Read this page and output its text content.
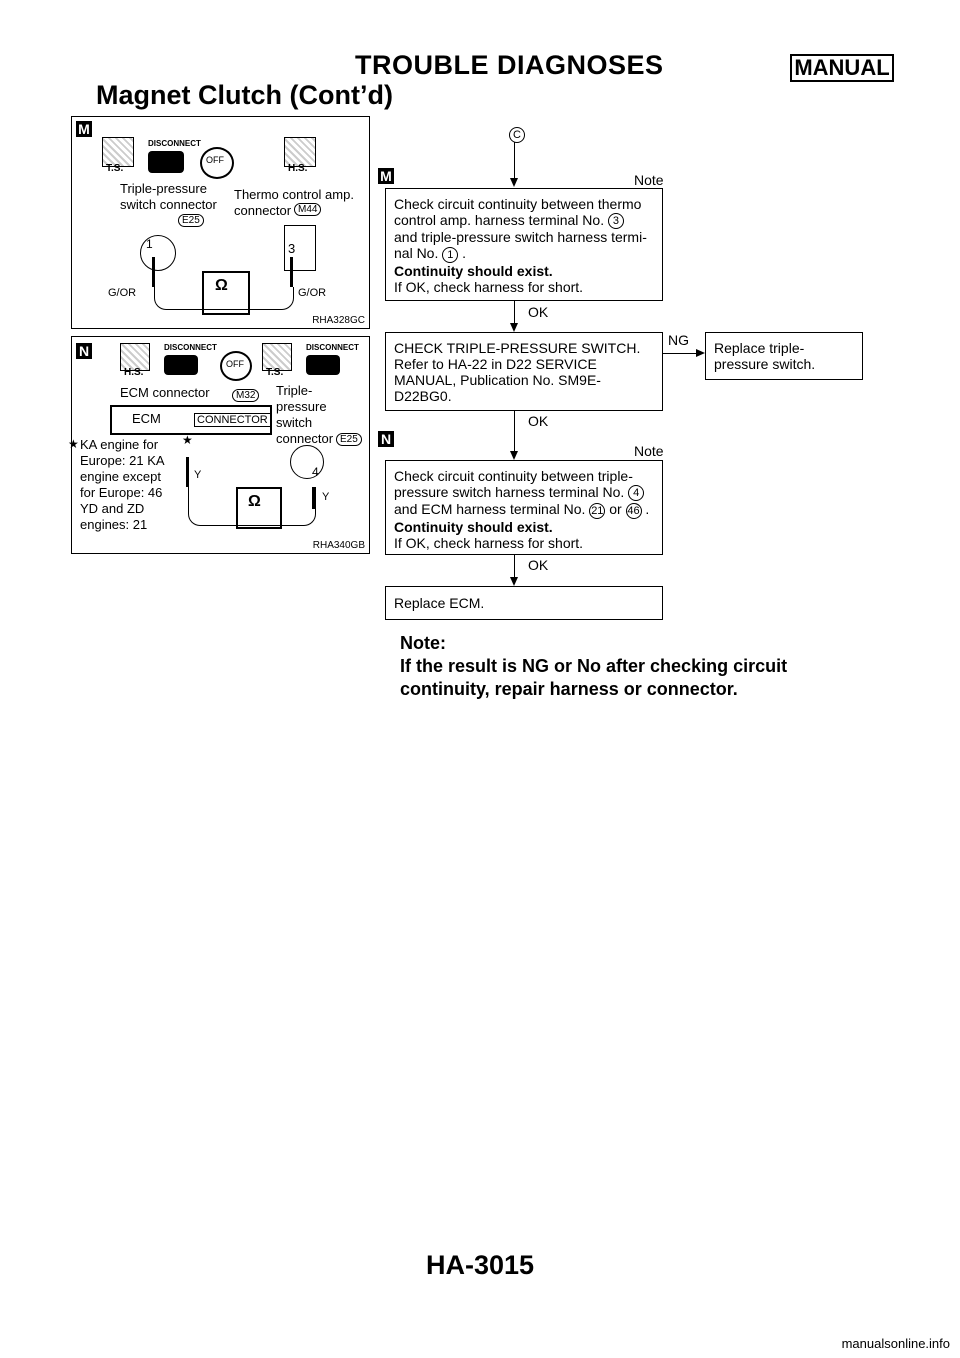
TROUBLE DIAGNOSES	MANUAL
Magnet Clutch (Cont’d)
M
T.S.
DISCONNECT
OFF
H.S.
Triple-pressure switch connector
E25
Thermo control amp. connector M44
1	3
G/OR	G/OR
Ω
RHA328GC
N
H.S.
DISCONNECT
OFF
T.S.
DISCONNECT
ECM connector	M32	Triple-pressure switch connector E25
ECM	CONNECTOR
★ KA engine for Europe: 21 KA engine except for Europe: 46 YD and ZD engines: 21
★
Y	4
Y
Ω
RHA340GB
C
M	Note
Check circuit continuity between thermo
control amp. harness terminal No. 3
and triple-pressure switch harness termi-
nal No. 1 .
Continuity should exist.
If OK, check harness for short.
OK
CHECK TRIPLE-PRESSURE SWITCH.
Refer to HA-22 in D22 SERVICE
MANUAL, Publication No. SM9E-
D22BG0.
NG	Replace triple-pressure switch.
OK
N
Note
Check circuit continuity between triple-
pressure switch harness terminal No. 4
and ECM harness terminal No. 21 or 46 .
Continuity should exist.
If OK, check harness for short.
OK
Replace ECM.
Note:
If the result is NG or No after checking circuit continuity, repair harness or connector.
HA-3015
manualsonline.info
